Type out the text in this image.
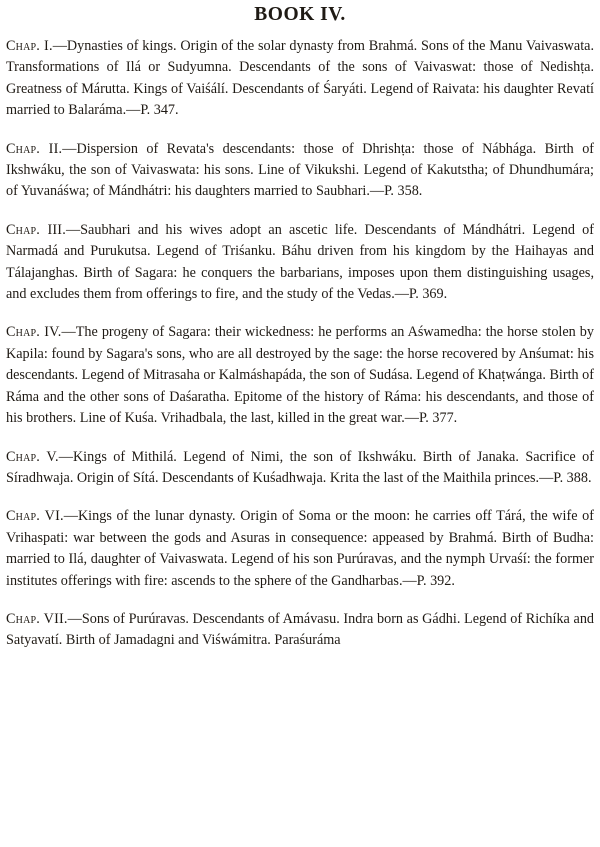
BOOK IV.

Chap. I.—Dynasties of kings. Origin of the solar dynasty from Brahmá. Sons of the Manu Vaivaswata. Transformations of Ilá or Sudyumna. Descendants of the sons of Vaivaswat: those of Nedishṭa. Greatness of Márutta. Kings of Vaiśálí. Descendants of Śaryáti. Legend of Raivata: his daughter Revatí married to Balaráma.—P. 347.

Chap. II.—Dispersion of Revata's descendants: those of Dhrishṭa: those of Nábhága. Birth of Ikshwáku, the son of Vaivaswata: his sons. Line of Vikukshi. Legend of Kakutstha; of Dhundhumára; of Yuvanáśwa; of Mándhátri: his daughters married to Saubhari.—P. 358.

Chap. III.—Saubhari and his wives adopt an ascetic life. Descendants of Mándhátri. Legend of Narmadá and Purukutsa. Legend of Triśanku. Báhu driven from his kingdom by the Haihayas and Tálajanghas. Birth of Sagara: he conquers the barbarians, imposes upon them distinguishing usages, and excludes them from offerings to fire, and the study of the Vedas.—P. 369.

Chap. IV.—The progeny of Sagara: their wickedness: he performs an Aśwamedha: the horse stolen by Kapila: found by Sagara's sons, who are all destroyed by the sage: the horse recovered by Anśumat: his descendants. Legend of Mitrasaha or Kalmáshapáda, the son of Sudása. Legend of Khaṭwánga. Birth of Ráma and the other sons of Daśaratha. Epitome of the history of Ráma: his descendants, and those of his brothers. Line of Kuśa. Vrihadbala, the last, killed in the great war.—P. 377.

Chap. V.—Kings of Mithilá. Legend of Nimi, the son of Ikshwáku. Birth of Janaka. Sacrifice of Síradhwaja. Origin of Sítá. Descendants of Kuśadhwaja. Krita the last of the Maithila princes.—P. 388.

Chap. VI.—Kings of the lunar dynasty. Origin of Soma or the moon: he carries off Tárá, the wife of Vrihaspati: war between the gods and Asuras in consequence: appeased by Brahmá. Birth of Budha: married to Ilá, daughter of Vaivaswata. Legend of his son Purúravas, and the nymph Urvaśí: the former institutes offerings with fire: ascends to the sphere of the Gandharbas.—P. 392.

Chap. VII.—Sons of Purúravas. Descendants of Amávasu. Indra born as Gádhi. Legend of Richíka and Satyavatí. Birth of Jamadagni and Viśwámitra. Paraśuráma
